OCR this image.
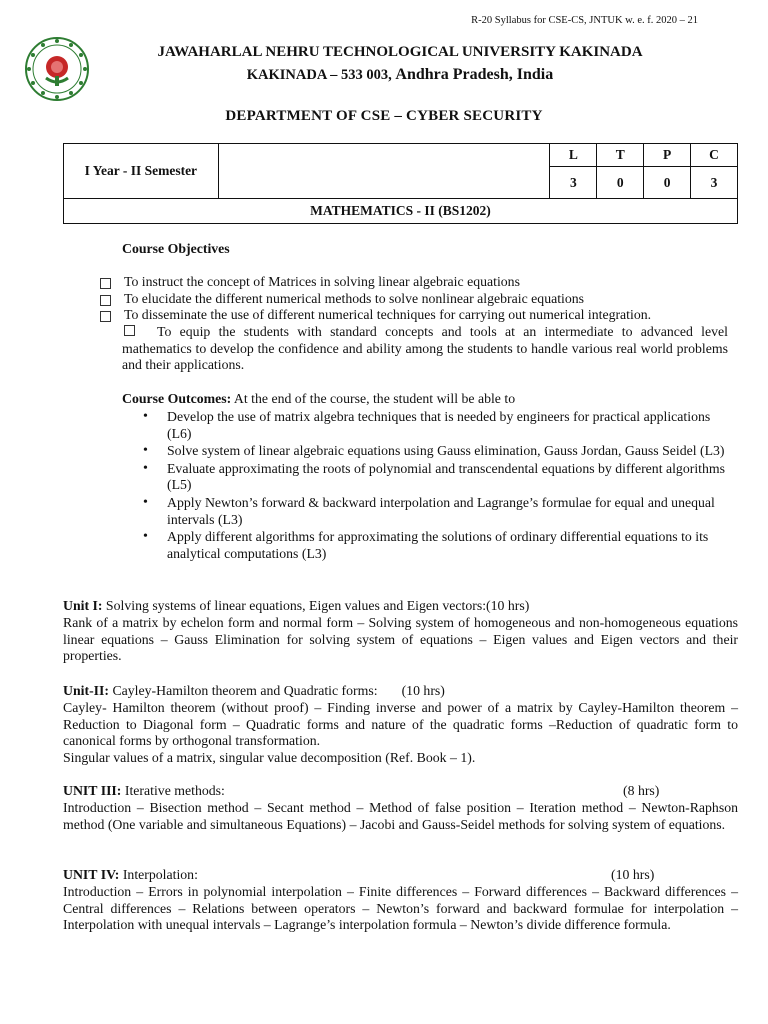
R-20 Syllabus for CSE-CS, JNTUK w. e. f. 2020 – 21
JAWAHARLAL NEHRU TECHNOLOGICAL UNIVERSITY KAKINADA
KAKINADA – 533 003, Andhra Pradesh, India
DEPARTMENT OF CSE – CYBER SECURITY
I Year - II Semester		L	T	P	C
		3	0	0	3
MATHEMATICS - II (BS1202)					
Course Objectives
To instruct the concept of Matrices in solving linear algebraic equations
To elucidate the different numerical methods to solve nonlinear algebraic equations
To disseminate the use of different numerical techniques for carrying out numerical integration.
To equip the students with standard concepts and tools at an intermediate to advanced level mathematics to develop the confidence and ability among the students to handle various real world problems and their applications.
Course Outcomes: At the end of the course, the student will be able to
•	Develop the use of matrix algebra techniques that is needed by engineers for practical applications (L6)
•	Solve system of linear algebraic equations using Gauss elimination, Gauss Jordan, Gauss Seidel (L3)
•	Evaluate approximating the roots of polynomial and transcendental equations by different algorithms (L5)
•	Apply Newton’s forward & backward interpolation and Lagrange’s formulae for equal and unequal intervals (L3)
•	Apply different algorithms for approximating the solutions of ordinary differential equations to its analytical computations (L3)
Unit I: Solving systems of linear equations, Eigen values and Eigen vectors:(10 hrs)
Rank of a matrix by echelon form and normal form – Solving system of homogeneous and non-homogeneous equations linear equations – Gauss Elimination for solving system of equations – Eigen values and Eigen vectors and their properties.
Unit-II: Cayley-Hamilton theorem and Quadratic forms: (10 hrs)
Cayley- Hamilton theorem (without proof) – Finding inverse and power of a matrix by Cayley-Hamilton theorem – Reduction to Diagonal form – Quadratic forms and nature of the quadratic forms –Reduction of quadratic form to canonical forms by orthogonal transformation.
Singular values of a matrix, singular value decomposition (Ref. Book – 1).
UNIT III: Iterative methods:	(8 hrs)
Introduction – Bisection method – Secant method – Method of false position – Iteration method – Newton-Raphson method (One variable and simultaneous Equations) – Jacobi and Gauss-Seidel methods for solving system of equations.
UNIT IV: Interpolation:	(10 hrs)
Introduction – Errors in polynomial interpolation – Finite differences – Forward differences – Backward differences – Central differences – Relations between operators – Newton’s forward and backward formulae for interpolation – Interpolation with unequal intervals – Lagrange’s interpolation formula – Newton’s divide difference formula.
